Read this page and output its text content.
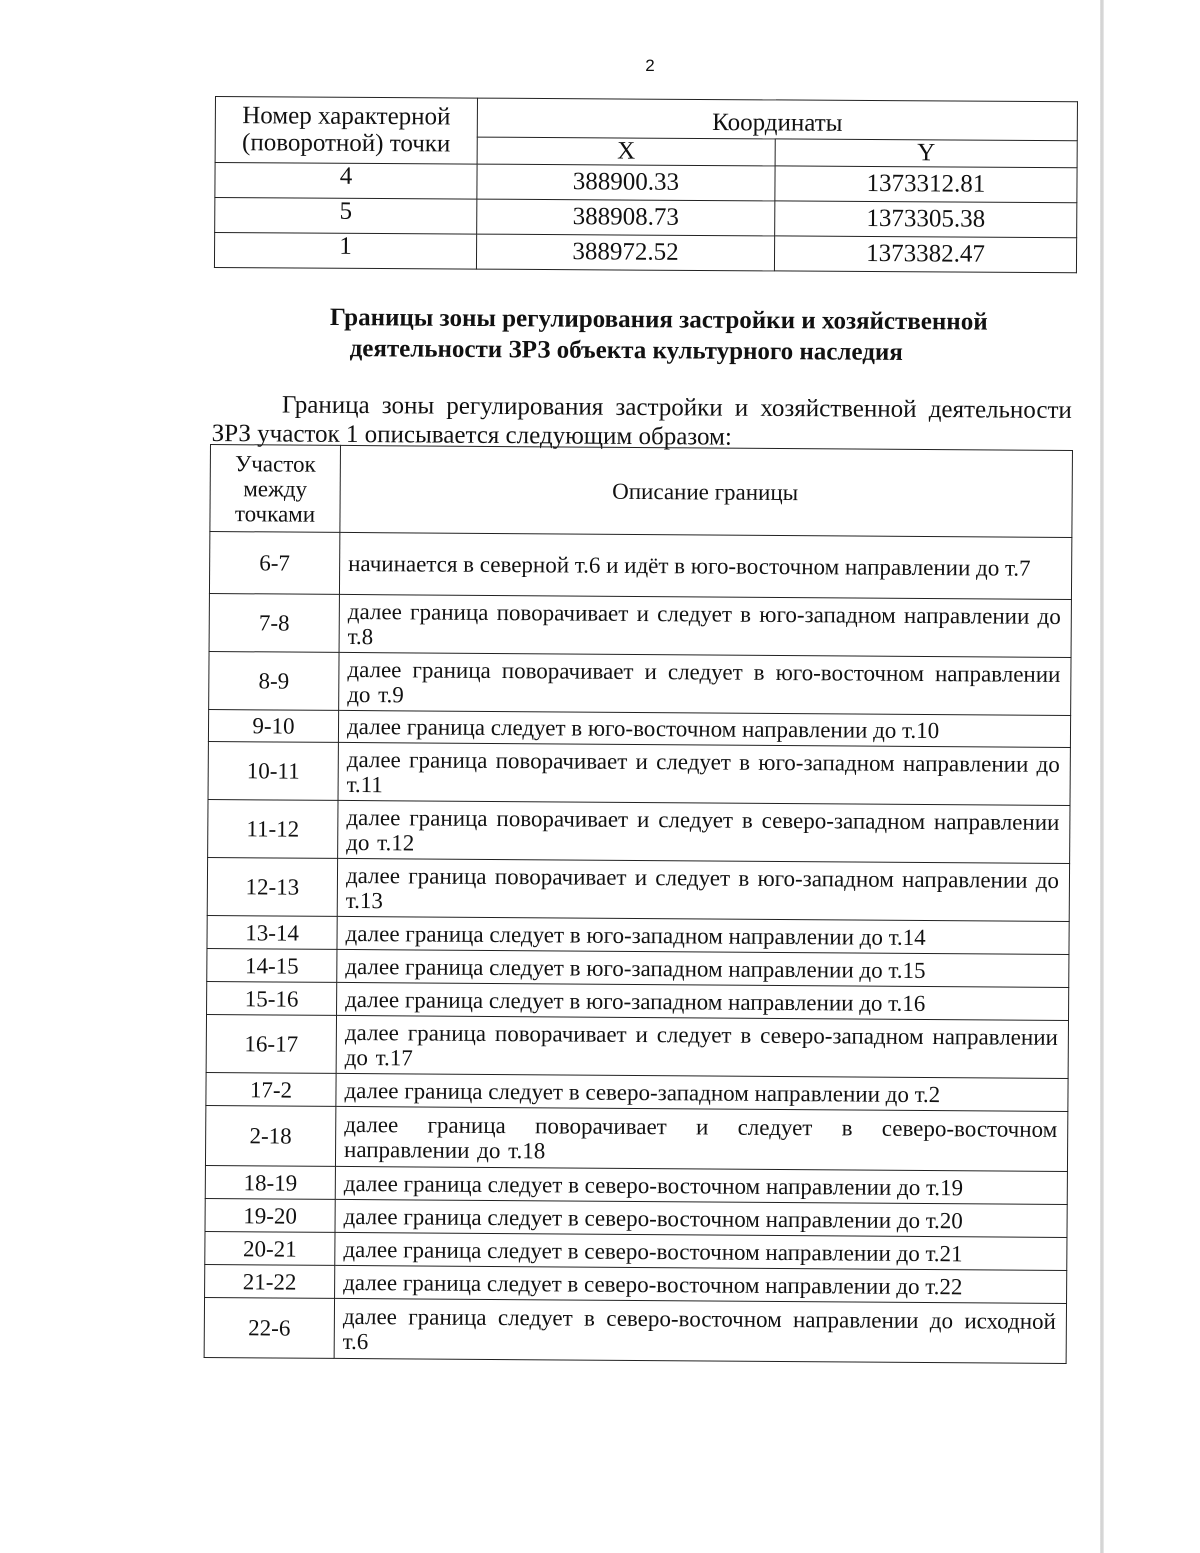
2
Номер характерной (поворотной) точки	Координаты	
	X	Y
4	388900.33	1373312.81
5	388908.73	1373305.38
1	388972.52	1373382.47
Границы зоны регулирования застройки и хозяйственной
деятельности ЗРЗ объекта культурного наследия
Граница зоны регулирования застройки и хозяйственной деятельности
ЗРЗ участок 1 описывается следующим образом:
Участок между точками	Описание границы
6-7	начинается в северной т.6 и идёт в юго-восточном направлении до т.7
7-8	далее граница поворачивает и следует в юго-западном направлении до т.8
8-9	далее граница поворачивает и следует в юго-восточном направлении до т.9
9-10	далее граница следует в юго-восточном направлении до т.10
10-11	далее граница поворачивает и следует в юго-западном направлении до т.11
11-12	далее граница поворачивает и следует в северо-западном направлении до т.12
12-13	далее граница поворачивает и следует в юго-западном направлении до т.13
13-14	далее граница следует в юго-западном направлении до т.14
14-15	далее граница следует в юго-западном направлении до т.15
15-16	далее граница следует в юго-западном направлении до т.16
16-17	далее граница поворачивает и следует в северо-западном направлении до т.17
17-2	далее граница следует в северо-западном направлении до т.2
2-18	далее граница поворачивает и следует в северо-восточном направлении до т.18
18-19	далее граница следует в северо-восточном направлении до т.19
19-20	далее граница следует в северо-восточном направлении до т.20
20-21	далее граница следует в северо-восточном направлении до т.21
21-22	далее граница следует в северо-восточном направлении до т.22
22-6	далее граница следует в северо-восточном направлении до исходной т.6
